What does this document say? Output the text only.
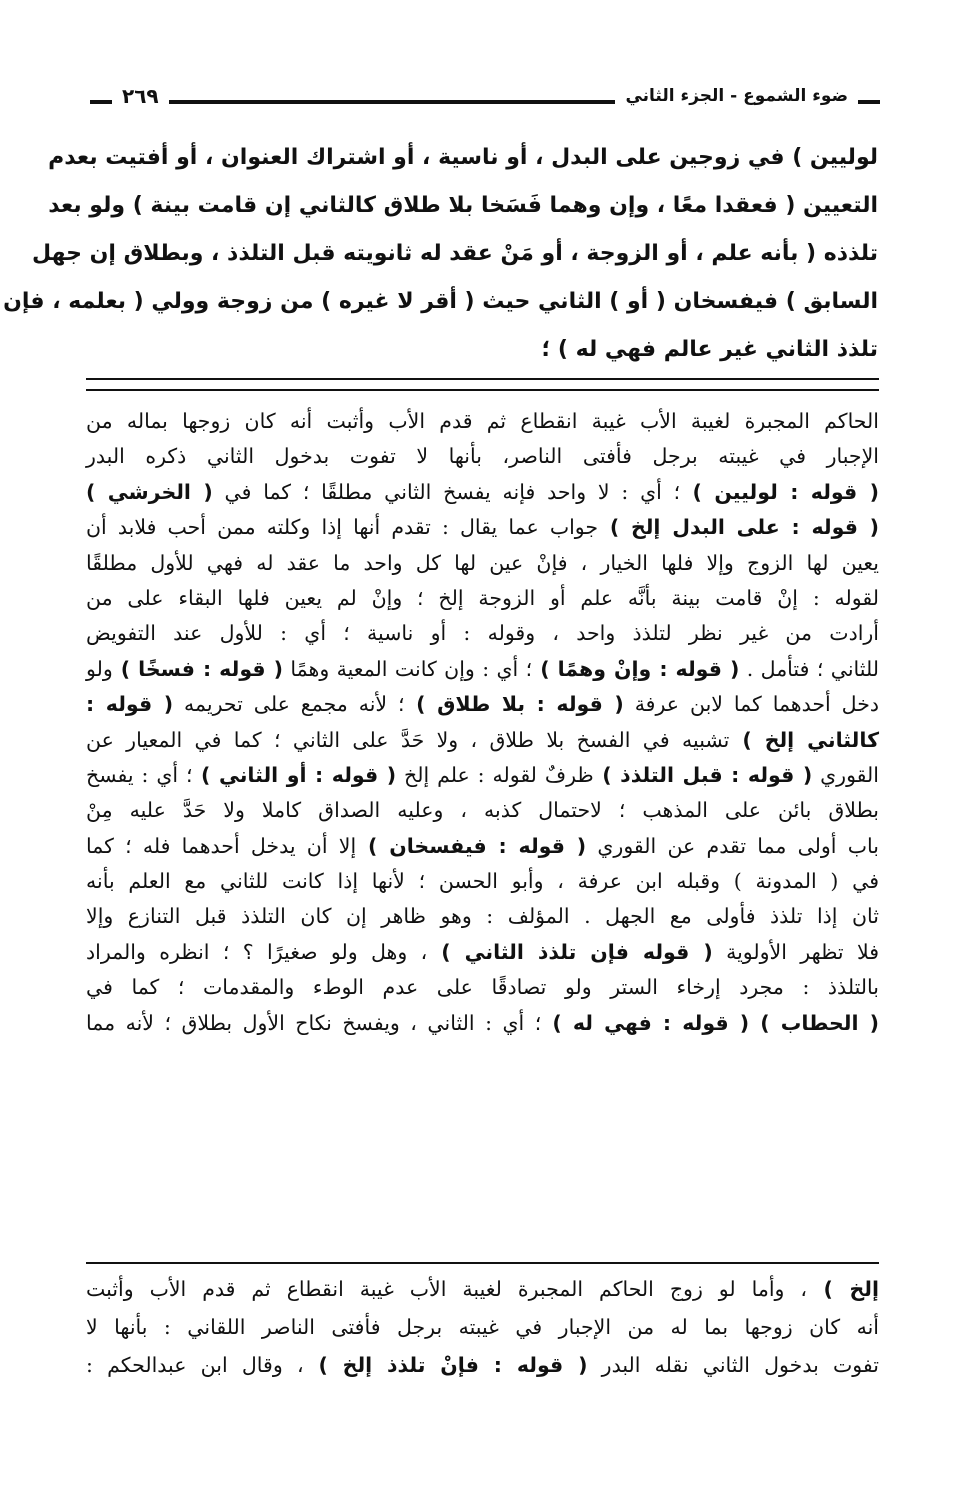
ضوء الشموع - الجزء الثاني
٢٦٩
لوليين ) في زوجين على البدل ، أو ناسية ، أو اشتراك العنوان ، أو أفتيت بعدم
التعيين ( فعقدا معًا ، وإن وهما فَسَخا بلا طلاق كالثاني إن قامت بينة ) ولو بعد
تلذذه ( بأنه علم ، أو الزوجة ، أو مَنْ عقد له ثانويته قبل التلذذ ، وبطلاق إن جهل
السابق ) فيفسخان ( أو ) الثاني حيث ( أقر لا غيره ) من زوجة وولي ( بعلمه ، فإن
تلذذ الثاني غير عالم فهي له ) ؛
الحاكم المجبرة لغيبة الأب غيبة انقطاع ثم قدم الأب وأثبت أنه كان زوجها بماله من
الإجبار في غيبته برجل فأفتى الناصر، بأنها لا تفوت بدخول الثاني ذكره البدر
( قوله : لوليين ) ؛ أي : لا واحد فإنه يفسخ الثاني مطلقًا ؛ كما في ( الخرشي )
( قوله : على البدل إلخ ) جواب عما يقال : تقدم أنها إذا وكلته ممن أحب فلابد أن
يعين لها الزوج وإلا فلها الخيار ، فإنْ عين لها كل واحد ما عقد له فهي للأول مطلقًا
لقوله : إنْ قامت بينة بأنَّه علم أو الزوجة إلخ ؛ وإنْ لم يعين فلها البقاء على من
أرادت من غير نظر لتلذذ واحد ، وقوله : أو ناسية ؛ أي : للأول عند التفويض
للثاني ؛ فتأمل . ( قوله : وإنْ وهمًا ) ؛ أي : وإن كانت المعية وهمًا ( قوله : فسخًا ) ولو
دخل أحدهما كما لابن عرفة ( قوله : بلا طلاق ) ؛ لأنه مجمع على تحريمه ( قوله :
كالثاني إلخ ) تشبيه في الفسخ بلا طلاق ، ولا حَدَّ على الثاني ؛ كما في المعيار عن
القوري ( قوله : قبل التلذذ ) ظرفٌ لقوله : علم إلخ ( قوله : أو الثاني ) ؛ أي : يفسخ
بطلاق بائن على المذهب ؛ لاحتمال كذبه ، وعليه الصداق كاملا ولا حَدَّ عليه مِنْ
باب أولى مما تقدم عن القوري ( قوله : فيفسخان ) إلا أن يدخل أحدهما فله ؛ كما
في ( المدونة ) وقبله ابن عرفة ، وأبو الحسن ؛ لأنها إذا كانت للثاني مع العلم بأنه
ثان إذا تلذذ فأولى مع الجهل . المؤلف : وهو ظاهر إن كان التلذذ قبل التنازع وإلا
فلا تظهر الأولوية ( قوله فإن تلذذ الثاني ) ، وهل ولو صغيرًا ؟ ؛ انظره والمراد
بالتلذذ : مجرد إرخاء الستر ولو تصادقًا على عدم الوطء والمقدمات ؛ كما في
( الحطاب ) ( قوله : فهي له ) ؛ أي : الثاني ، ويفسخ نكاح الأول بطلاق ؛ لأنه مما
إلخ ) ، وأما لو زوج الحاكم المجبرة لغيبة الأب غيبة انقطاع ثم قدم الأب وأثبت
أنه كان زوجها بما له من الإجبار في غيبته برجل فأفتى الناصر اللقاني : بأنها لا
تفوت بدخول الثاني نقله البدر ( قوله : فإنْ تلذذ إلخ ) ، وقال ابن عبدالحكم :
